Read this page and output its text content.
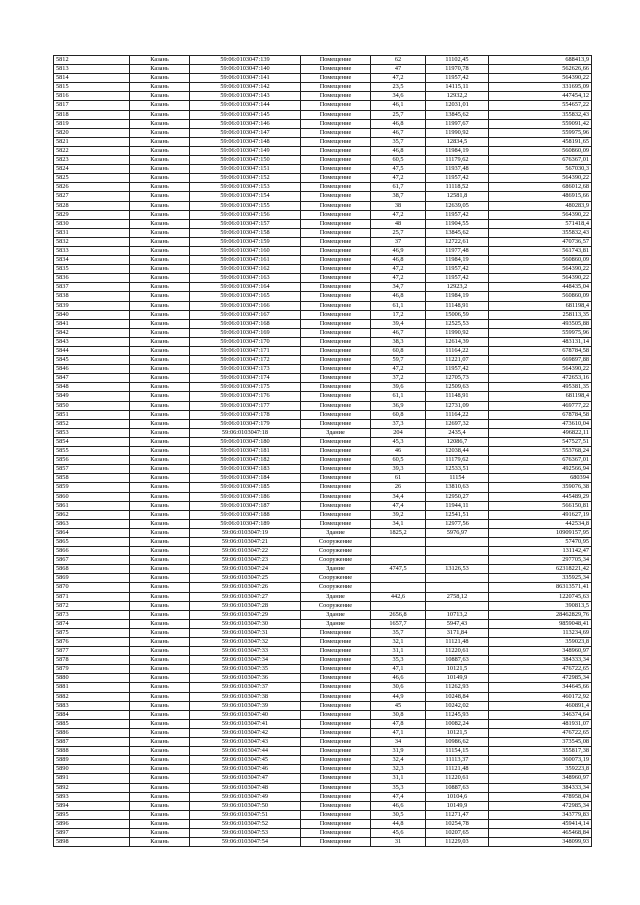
5812	Казань	59:06:0103047:139	Помещение	62	11102,45	688413,9
5813	Казань	59:06:0103047:140	Помещение	47	11970,78	562626,66
5814	Казань	59:06:0103047:141	Помещение	47,2	11957,42	564390,22
5815	Казань	59:06:0103047:142	Помещение	23,5	14115,11	331695,09
5816	Казань	59:06:0103047:143	Помещение	34,6	12932,2	447454,12
5817	Казань	59:06:0103047:144	Помещение	46,1	12031,01	554657,22
5818	Казань	59:06:0103047:145	Помещение	25,7	13845,62	355832,43
5819	Казань	59:06:0103047:146	Помещение	46,8	11997,67	559091,42
5820	Казань	59:06:0103047:147	Помещение	46,7	11990,92	559975,96
5821	Казань	59:06:0103047:148	Помещение	35,7	12834,5	458191,65
5822	Казань	59:06:0103047:149	Помещение	46,8	11984,19	560860,09
5823	Казань	59:06:0103047:150	Помещение	60,5	11179,62	676367,01
5824	Казань	59:06:0103047:151	Помещение	47,5	11937,48	567030,3
5825	Казань	59:06:0103047:152	Помещение	47,2	11957,42	564390,22
5826	Казань	59:06:0103047:153	Помещение	61,7	11118,52	686012,68
5827	Казань	59:06:0103047:154	Помещение	38,7	12581,8	486915,66
5828	Казань	59:06:0103047:155	Помещение	38	12639,05	480283,9
5829	Казань	59:06:0103047:156	Помещение	47,2	11957,42	564390,22
5830	Казань	59:06:0103047:157	Помещение	48	11904,55	571418,4
5831	Казань	59:06:0103047:158	Помещение	25,7	13845,62	355832,43
5832	Казань	59:06:0103047:159	Помещение	37	12722,61	470736,57
5833	Казань	59:06:0103047:160	Помещение	46,9	11977,48	561743,81
5834	Казань	59:06:0103047:161	Помещение	46,8	11984,19	560860,09
5835	Казань	59:06:0103047:162	Помещение	47,2	11957,42	564390,22
5836	Казань	59:06:0103047:163	Помещение	47,2	11957,42	564390,22
5837	Казань	59:06:0103047:164	Помещение	34,7	12923,2	448435,04
5838	Казань	59:06:0103047:165	Помещение	46,8	11984,19	560860,09
5839	Казань	59:06:0103047:166	Помещение	61,1	11148,91	681198,4
5840	Казань	59:06:0103047:167	Помещение	17,2	15006,59	258113,35
5841	Казань	59:06:0103047:168	Помещение	39,4	12525,53	493505,88
5842	Казань	59:06:0103047:169	Помещение	46,7	11990,92	559975,96
5843	Казань	59:06:0103047:170	Помещение	38,3	12614,39	483131,14
5844	Казань	59:06:0103047:171	Помещение	60,8	11164,22	678784,58
5845	Казань	59:06:0103047:172	Помещение	59,7	11221,07	669897,88
5846	Казань	59:06:0103047:173	Помещение	47,2	11957,42	564390,22
5847	Казань	59:06:0103047:174	Помещение	37,2	12705,73	472653,16
5848	Казань	59:06:0103047:175	Помещение	39,6	12509,63	495381,35
5849	Казань	59:06:0103047:176	Помещение	61,1	11148,91	681198,4
5850	Казань	59:06:0103047:177	Помещение	36,9	12731,09	469777,22
5851	Казань	59:06:0103047:178	Помещение	60,8	11164,22	678784,58
5852	Казань	59:06:0103047:179	Помещение	37,3	12697,32	473610,04
5853	Казань	59:06:0103047:18	Здание	204	2435,4	496822,11
5854	Казань	59:06:0103047:180	Помещение	45,3	12086,7	547527,51
5855	Казань	59:06:0103047:181	Помещение	46	12038,44	553768,24
5856	Казань	59:06:0103047:182	Помещение	60,5	11179,62	676367,01
5857	Казань	59:06:0103047:183	Помещение	39,3	12533,51	492566,94
5858	Казань	59:06:0103047:184	Помещение	61	11154	680394
5859	Казань	59:06:0103047:185	Помещение	26	13810,63	359076,38
5860	Казань	59:06:0103047:186	Помещение	34,4	12950,27	445489,29
5861	Казань	59:06:0103047:187	Помещение	47,4	11944,11	566150,81
5862	Казань	59:06:0103047:188	Помещение	39,2	12541,51	491627,19
5863	Казань	59:06:0103047:189	Помещение	34,1	12977,56	442534,8
5864	Казань	59:06:0103047:19	Здание	1825,2	5976,97	10909157,95
5865	Казань	59:06:0103047:21	Сооружение			57470,95
5866	Казань	59:06:0103047:22	Сооружение			131142,47
5867	Казань	59:06:0103047:23	Сооружение			297705,34
5868	Казань	59:06:0103047:24	Здание	4747,5	13126,53	62318221,42
5869	Казань	59:06:0103047:25	Сооружение			335925,34
5870	Казань	59:06:0103047:26	Сооружение			86313571,41
5871	Казань	59:06:0103047:27	Здание	442,6	2758,12	1220745,63
5872	Казань	59:06:0103047:28	Сооружение			390813,5
5873	Казань	59:06:0103047:29	Здание	2656,8	10713,2	28462829,76
5874	Казань	59:06:0103047:30	Здание	1657,7	5947,43	9859048,41
5875	Казань	59:06:0103047:31	Помещение	35,7	3171,84	113234,69
5876	Казань	59:06:0103047:32	Помещение	32,1	11121,48	359023,8
5877	Казань	59:06:0103047:33	Помещение	31,1	11220,61	348960,97
5878	Казань	59:06:0103047:34	Помещение	35,3	10887,63	384333,34
5879	Казань	59:06:0103047:35	Помещение	47,1	10121,5	476722,65
5880	Казань	59:06:0103047:36	Помещение	46,6	10149,9	472985,34
5881	Казань	59:06:0103047:37	Помещение	30,6	11262,93	344645,66
5882	Казань	59:06:0103047:38	Помещение	44,9	10248,84	460172,92
5883	Казань	59:06:0103047:39	Помещение	45	10242,02	460891,4
5884	Казань	59:06:0103047:40	Помещение	30,8	11245,93	346374,64
5885	Казань	59:06:0103047:41	Помещение	47,8	10082,24	481931,07
5886	Казань	59:06:0103047:42	Помещение	47,1	10121,5	476722,65
5887	Казань	59:06:0103047:43	Помещение	34	10986,62	373545,08
5888	Казань	59:06:0103047:44	Помещение	31,9	11154,15	355817,38
5889	Казань	59:06:0103047:45	Помещение	32,4	11113,37	360073,19
5890	Казань	59:06:0103047:46	Помещение	32,3	11121,48	359223,8
5891	Казань	59:06:0103047:47	Помещение	31,1	11220,61	348960,97
5892	Казань	59:06:0103047:48	Помещение	35,3	10887,63	384333,34
5893	Казань	59:06:0103047:49	Помещение	47,4	10104,6	478958,04
5894	Казань	59:06:0103047:50	Помещение	46,6	10149,9	472985,34
5895	Казань	59:06:0103047:51	Помещение	30,5	11271,47	343779,83
5896	Казань	59:06:0103047:52	Помещение	44,8	10254,78	459414,14
5897	Казань	59:06:0103047:53	Помещение	45,6	10207,65	465468,84
5898	Казань	59:06:0103047:54	Помещение	31	11229,03	348099,93
